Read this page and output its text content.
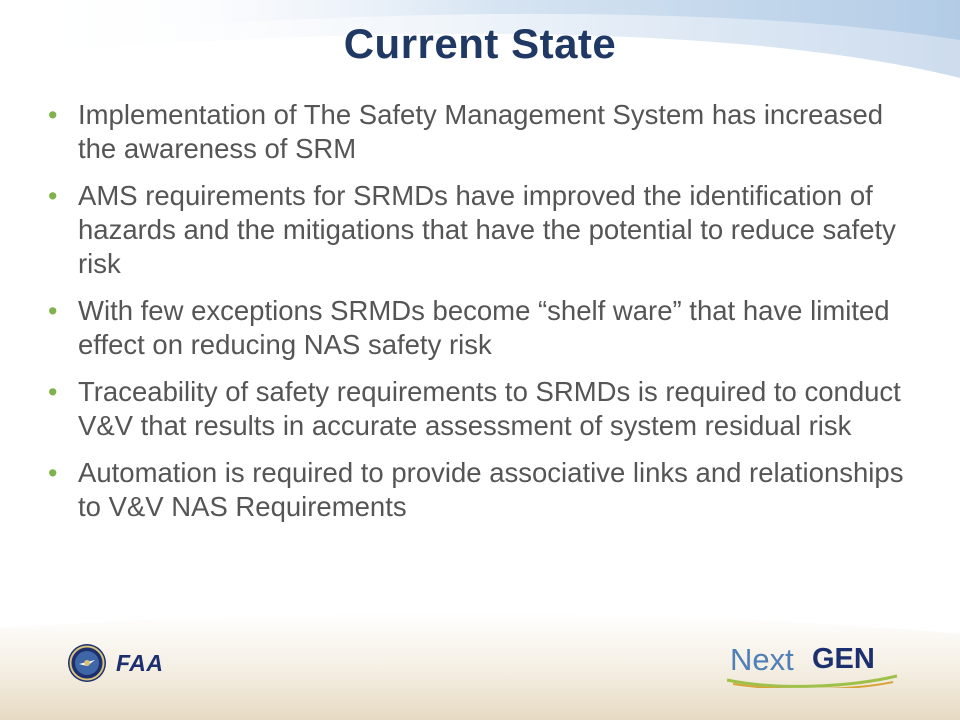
Current State
• Implementation of The Safety Management System has increased the awareness of SRM
• AMS requirements for SRMDs have improved the identification of hazards and the mitigations that have the potential to reduce safety risk
• With few exceptions SRMDs become “shelf ware” that have limited effect on reducing NAS safety risk
• Traceability of safety requirements to SRMDs is required to conduct V&V that results in accurate assessment of system residual risk
• Automation is required to provide associative links and relationships to V&V NAS Requirements
FAA	Next GEN
